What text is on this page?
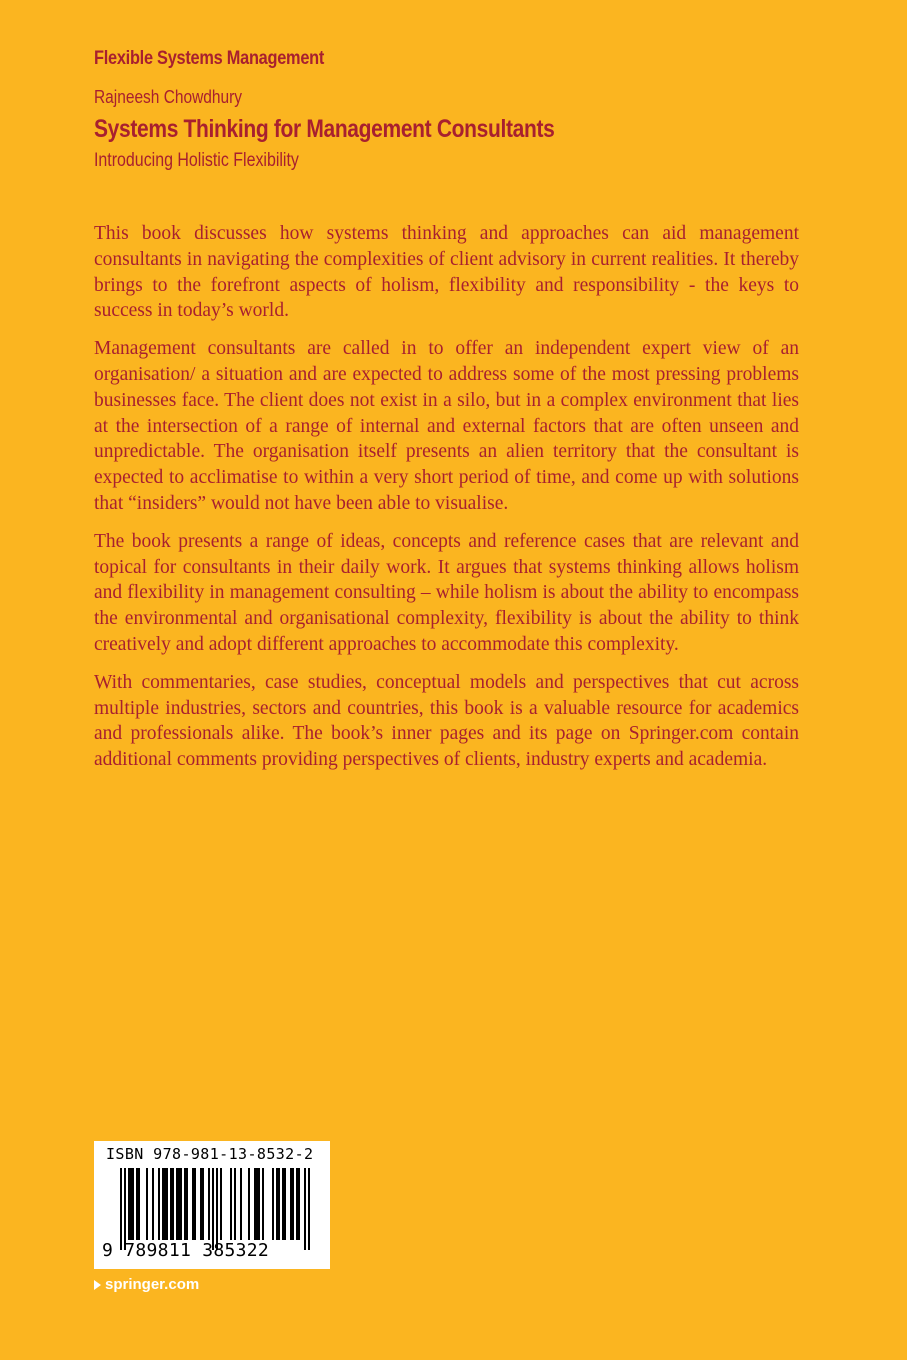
Flexible Systems Management
Rajneesh Chowdhury
Systems Thinking for Management Consultants
Introducing Holistic Flexibility

This book discusses how systems thinking and approaches can aid management consultants in navigating the complexities of client advisory in current realities. It thereby brings to the forefront aspects of holism, flexibility and responsibility - the keys to success in today’s world.

Management consultants are called in to offer an independent expert view of an organisation/ a situation and are expected to address some of the most pressing problems businesses face. The client does not exist in a silo, but in a complex environment that lies at the intersection of a range of internal and external factors that are often unseen and unpredictable. The organisation itself presents an alien territory that the consultant is expected to acclimatise to within a very short period of time, and come up with solutions that “insiders” would not have been able to visualise.

The book presents a range of ideas, concepts and reference cases that are relevant and topical for consultants in their daily work. It argues that systems thinking allows holism and flexibility in management consulting – while holism is about the ability to encompass the environmental and organisational complexity, flexibility is about the ability to think creatively and adopt different approaches to accommodate this complexity.

With commentaries, case studies, conceptual models and perspectives that cut across multiple industries, sectors and countries, this book is a valuable resource for academics and professionals alike. The book’s inner pages and its page on Springer.com contain additional comments providing perspectives of clients, industry experts and academia.

ISBN 978-981-13-8532-2
9 789811 385322
springer.com
